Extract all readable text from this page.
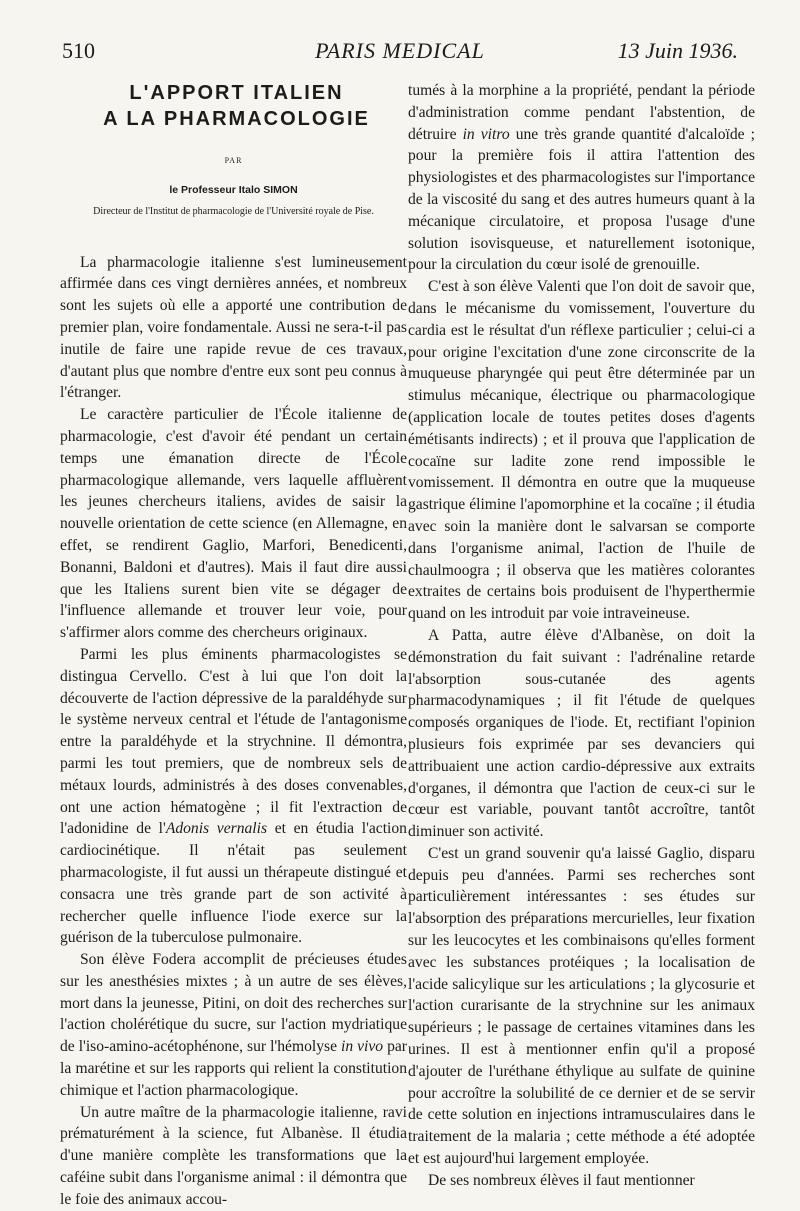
510	PARIS MEDICAL	13 Juin 1936.
L'APPORT ITALIEN
A LA PHARMACOLOGIE
PAR
le Professeur Italo SIMON
Directeur de l'Institut de pharmacologie de l'Université royale de Pise.

La pharmacologie italienne s'est lumineusement affirmée dans ces vingt dernières années, et nombreux sont les sujets où elle a apporté une contribution de premier plan, voire fondamentale. Aussi ne sera-t-il pas inutile de faire une rapide revue de ces travaux, d'autant plus que nombre d'entre eux sont peu connus à l'étranger.

Le caractère particulier de l'École italienne de pharmacologie, c'est d'avoir été pendant un certain temps une émanation directe de l'École pharmacologique allemande, vers laquelle affluèrent les jeunes chercheurs italiens, avides de saisir la nouvelle orientation de cette science (en Allemagne, en effet, se rendirent Gaglio, Marfori, Benedicenti, Bonanni, Baldoni et d'autres). Mais il faut dire aussi que les Italiens surent bien vite se dégager de l'influence allemande et trouver leur voie, pour s'affirmer alors comme des chercheurs originaux.

Parmi les plus éminents pharmacologistes se distingua Cervello. C'est à lui que l'on doit la découverte de l'action dépressive de la paraldéhyde sur le système nerveux central et l'étude de l'antagonisme entre la paraldéhyde et la strychnine. Il démontra, parmi les tout premiers, que de nombreux sels de métaux lourds, administrés à des doses convenables, ont une action hématogène ; il fit l'extraction de l'adonidine de l'Adonis vernalis et en étudia l'action cardiocinétique. Il n'était pas seulement pharmacologiste, il fut aussi un thérapeute distingué et consacra une très grande part de son activité à rechercher quelle influence l'iode exerce sur la guérison de la tuberculose pulmonaire.

Son élève Fodera accomplit de précieuses études sur les anesthésies mixtes ; à un autre de ses élèves, mort dans la jeunesse, Pitini, on doit des recherches sur l'action cholérétique du sucre, sur l'action mydriatique de l'iso-amino-acétophénone, sur l'hémolyse in vivo par la marétine et sur les rapports qui relient la constitution chimique et l'action pharmacologique.

Un autre maître de la pharmacologie italienne, ravi prématurément à la science, fut Albanèse. Il étudia d'une manière complète les transformations que la caféine subit dans l'organisme animal : il démontra que le foie des animaux accou-

tumés à la morphine a la propriété, pendant la période d'administration comme pendant l'abstention, de détruire in vitro une très grande quantité d'alcaloïde ; pour la première fois il attira l'attention des physiologistes et des pharmacologistes sur l'importance de la viscosité du sang et des autres humeurs quant à la mécanique circulatoire, et proposa l'usage d'une solution isovisqueuse, et naturellement isotonique, pour la circulation du cœur isolé de grenouille.

C'est à son élève Valenti que l'on doit de savoir que, dans le mécanisme du vomissement, l'ouverture du cardia est le résultat d'un réflexe particulier ; celui-ci a pour origine l'excitation d'une zone circonscrite de la muqueuse pharyngée qui peut être déterminée par un stimulus mécanique, électrique ou pharmacologique (application locale de toutes petites doses d'agents émétisants indirects) ; et il prouva que l'application de cocaïne sur ladite zone rend impossible le vomissement. Il démontra en outre que la muqueuse gastrique élimine l'apomorphine et la cocaïne ; il étudia avec soin la manière dont le salvarsan se comporte dans l'organisme animal, l'action de l'huile de chaulmoogra ; il observa que les matières colorantes extraites de certains bois produisent de l'hyperthermie quand on les introduit par voie intraveineuse.

A Patta, autre élève d'Albanèse, on doit la démonstration du fait suivant : l'adrénaline retarde l'absorption sous-cutanée des agents pharmacodynamiques ; il fit l'étude de quelques composés organiques de l'iode. Et, rectifiant l'opinion plusieurs fois exprimée par ses devanciers qui attribuaient une action cardio-dépressive aux extraits d'organes, il démontra que l'action de ceux-ci sur le cœur est variable, pouvant tantôt accroître, tantôt diminuer son activité.

C'est un grand souvenir qu'a laissé Gaglio, disparu depuis peu d'années. Parmi ses recherches sont particulièrement intéressantes : ses études sur l'absorption des préparations mercurielles, leur fixation sur les leucocytes et les combinaisons qu'elles forment avec les substances protéiques ; la localisation de l'acide salicylique sur les articulations ; la glycosurie et l'action curarisante de la strychnine sur les animaux supérieurs ; le passage de certaines vitamines dans les urines. Il est à mentionner enfin qu'il a proposé d'ajouter de l'uréthane éthylique au sulfate de quinine pour accroître la solubilité de ce dernier et de se servir de cette solution en injections intramusculaires dans le traitement de la malaria ; cette méthode a été adoptée et est aujourd'hui largement employée.

De ses nombreux élèves il faut mentionner
